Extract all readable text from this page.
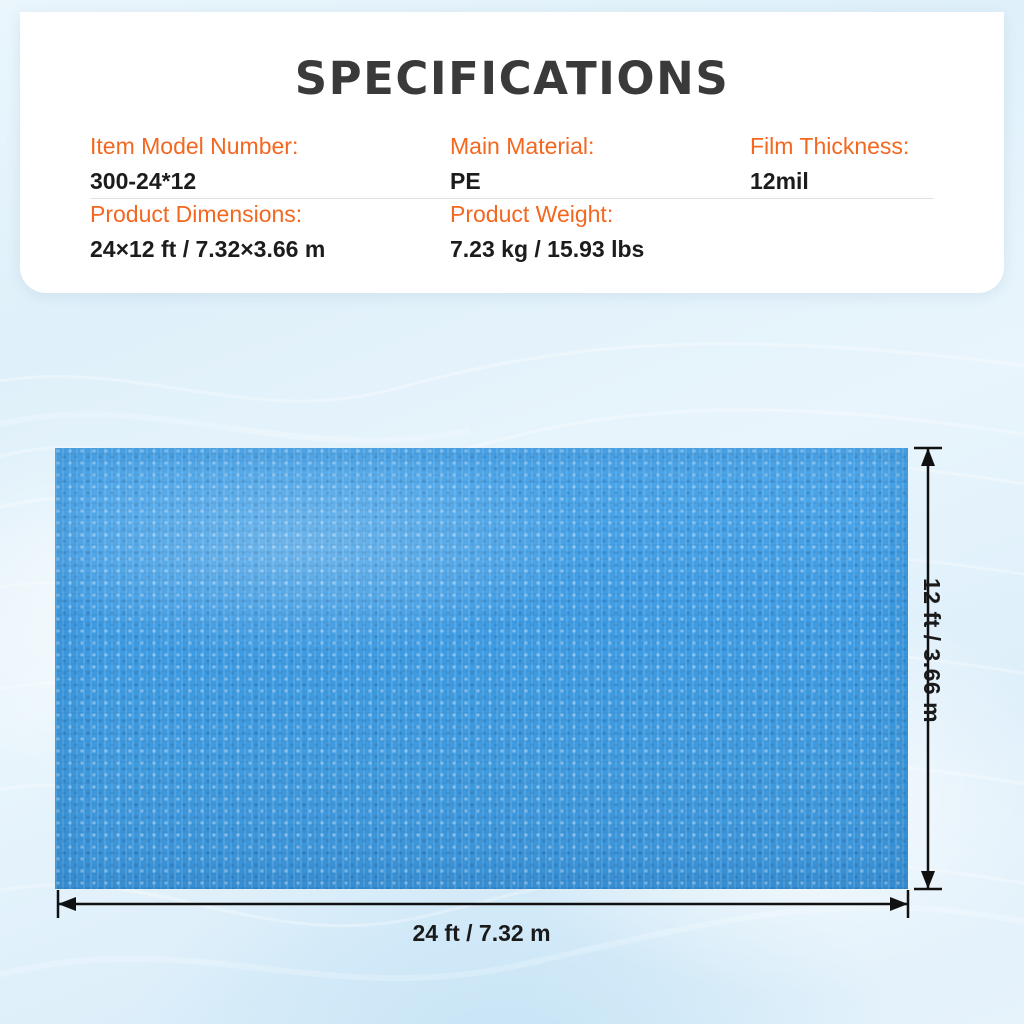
SPECIFICATIONS
Item Model Number:
300-24*12
Main Material:
PE
Film Thickness:
12mil
Product Dimensions:
24×12 ft / 7.32×3.66 m
Product Weight:
7.23 kg / 15.93 lbs
24 ft / 7.32 m
12 ft / 3.66 m
